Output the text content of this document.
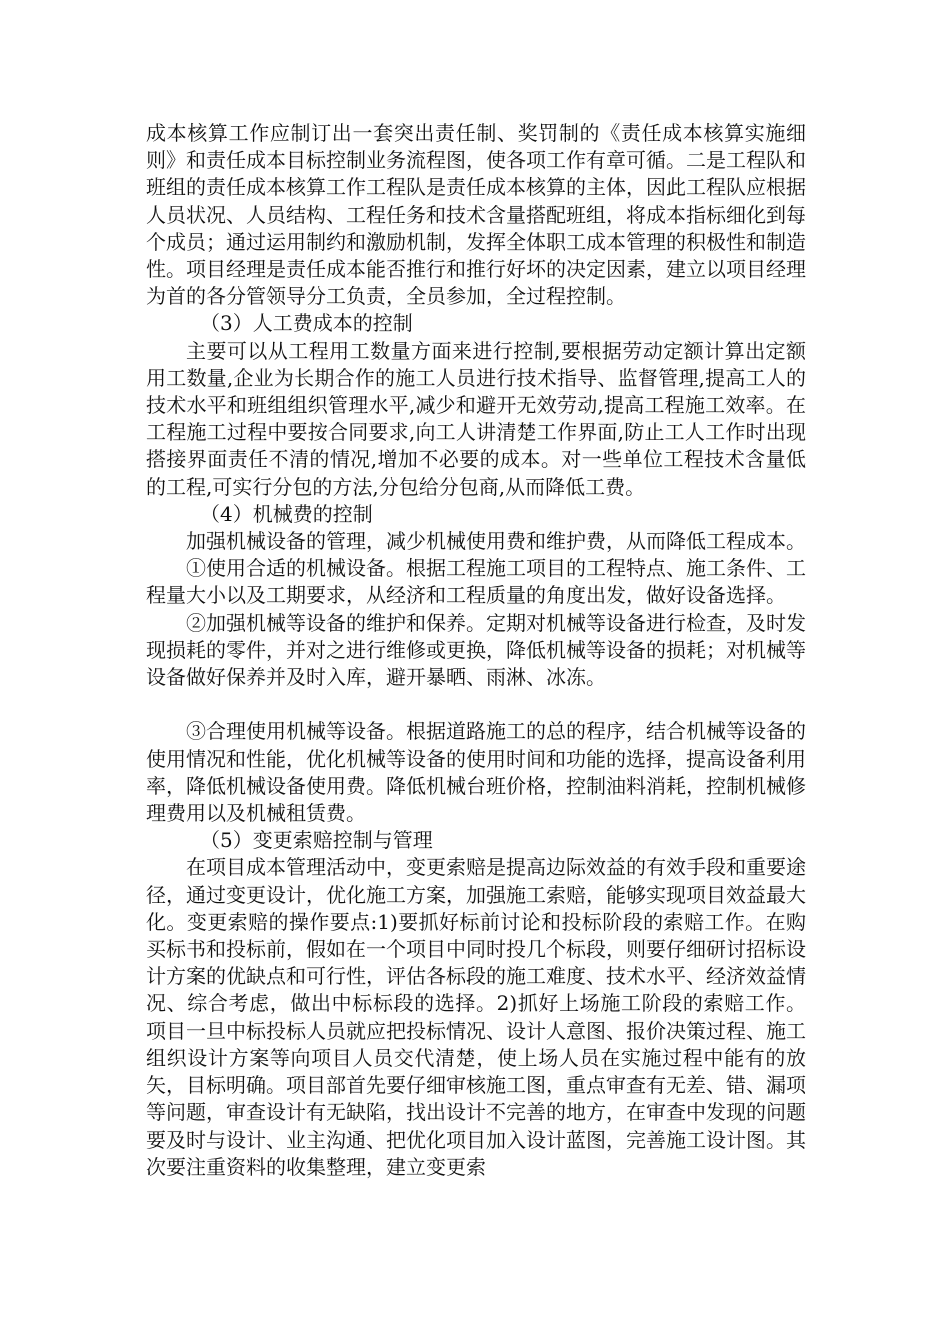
成本核算工作应制订出一套突出责任制、奖罚制的《责任成本核算实施细则》和责任成本目标控制业务流程图，使各项工作有章可循。二是工程队和班组的责任成本核算工作工程队是责任成本核算的主体，因此工程队应根据人员状况、人员结构、工程任务和技术含量搭配班组，将成本指标细化到每个成员；通过运用制约和激励机制，发挥全体职工成本管理的积极性和制造性。项目经理是责任成本能否推行和推行好坏的决定因素，建立以项目经理为首的各分管领导分工负责，全员参加，全过程控制。

（3）人工费成本的控制

主要可以从工程用工数量方面来进行控制,要根据劳动定额计算出定额用工数量,企业为长期合作的施工人员进行技术指导、监督管理,提高工人的技术水平和班组组织管理水平,减少和避开无效劳动,提高工程施工效率。在工程施工过程中要按合同要求,向工人讲清楚工作界面,防止工人工作时出现搭接界面责任不清的情况,增加不必要的成本。对一些单位工程技术含量低的工程,可实行分包的方法,分包给分包商,从而降低工费。

（4）机械费的控制

加强机械设备的管理，减少机械使用费和维护费，从而降低工程成本。

①使用合适的机械设备。根据工程施工项目的工程特点、施工条件、工程量大小以及工期要求，从经济和工程质量的角度出发，做好设备选择。

②加强机械等设备的维护和保养。定期对机械等设备进行检查，及时发现损耗的零件，并对之进行维修或更换，降低机械等设备的损耗；对机械等设备做好保养并及时入库，避开暴晒、雨淋、冰冻。

③合理使用机械等设备。根据道路施工的总的程序，结合机械等设备的使用情况和性能，优化机械等设备的使用时间和功能的选择，提高设备利用率，降低机械设备使用费。降低机械台班价格，控制油料消耗，控制机械修理费用以及机械租赁费。

（5）变更索赔控制与管理

在项目成本管理活动中，变更索赔是提高边际效益的有效手段和重要途径，通过变更设计，优化施工方案，加强施工索赔，能够实现项目效益最大化。变更索赔的操作要点:1)要抓好标前讨论和投标阶段的索赔工作。在购买标书和投标前，假如在一个项目中同时投几个标段，则要仔细研讨招标设计方案的优缺点和可行性，评估各标段的施工难度、技术水平、经济效益情况、综合考虑，做出中标标段的选择。2)抓好上场施工阶段的索赔工作。项目一旦中标投标人员就应把投标情况、设计人意图、报价决策过程、施工组织设计方案等向项目人员交代清楚，使上场人员在实施过程中能有的放矢，目标明确。项目部首先要仔细审核施工图，重点审查有无差、错、漏项等问题，审查设计有无缺陷，找出设计不完善的地方，在审查中发现的问题要及时与设计、业主沟通、把优化项目加入设计蓝图，完善施工设计图。其次要注重资料的收集整理，建立变更索
